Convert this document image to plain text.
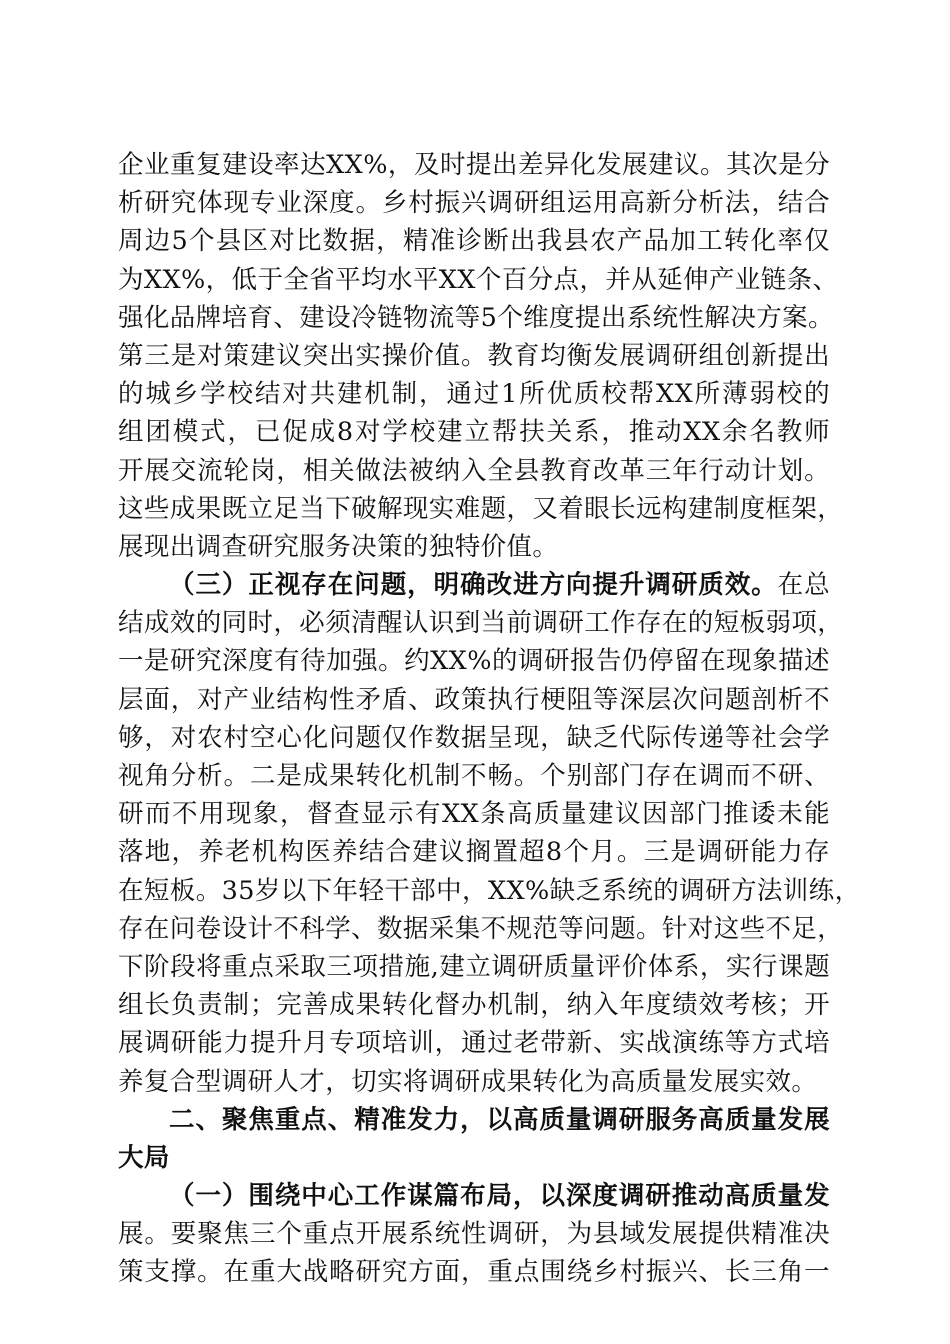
企业重复建设率达XX%，及时提出差异化发展建议。其次是分
析研究体现专业深度。乡村振兴调研组运用高新分析法，结合
周边5个县区对比数据，精准诊断出我县农产品加工转化率仅
为XX%，低于全省平均水平XX个百分点，并从延伸产业链条、
强化品牌培育、建设冷链物流等5个维度提出系统性解决方案。
第三是对策建议突出实操价值。教育均衡发展调研组创新提出
的城乡学校结对共建机制，通过1所优质校帮XX所薄弱校的
组团模式，已促成8对学校建立帮扶关系，推动XX余名教师
开展交流轮岗，相关做法被纳入全县教育改革三年行动计划。
这些成果既立足当下破解现实难题，又着眼长远构建制度框架，
展现出调查研究服务决策的独特价值。
（三）正视存在问题，明确改进方向提升调研质效。在总
结成效的同时，必须清醒认识到当前调研工作存在的短板弱项，
一是研究深度有待加强。约XX%的调研报告仍停留在现象描述
层面，对产业结构性矛盾、政策执行梗阻等深层次问题剖析不
够，对农村空心化问题仅作数据呈现，缺乏代际传递等社会学
视角分析。二是成果转化机制不畅。个别部门存在调而不研、
研而不用现象，督查显示有XX条高质量建议因部门推诿未能
落地，养老机构医养结合建议搁置超8个月。三是调研能力存
在短板。35岁以下年轻干部中，XX%缺乏系统的调研方法训练，
存在问卷设计不科学、数据采集不规范等问题。针对这些不足，
下阶段将重点采取三项措施,建立调研质量评价体系，实行课题
组长负责制；完善成果转化督办机制，纳入年度绩效考核；开
展调研能力提升月专项培训，通过老带新、实战演练等方式培
养复合型调研人才，切实将调研成果转化为高质量发展实效。
二、聚焦重点、精准发力，以高质量调研服务高质量发展
大局
（一）围绕中心工作谋篇布局，以深度调研推动高质量发
展。要聚焦三个重点开展系统性调研，为县域发展提供精准决
策支撑。在重大战略研究方面，重点围绕乡村振兴、长三角一
